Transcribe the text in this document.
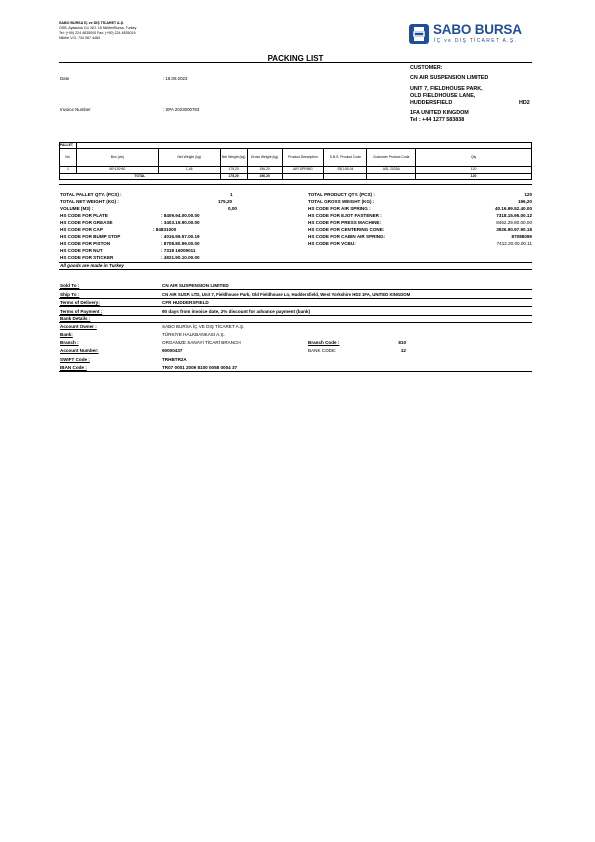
SABO BURSA İÇ ve DIŞ TİCARET A.Ş.
OSB, Ayasuluk Cd. NO: 16 Nilüfer/Bursa, Turkey
Tel: (+90) 224 4835000 Fax: (+90) 224 4835019
Nilüfer V.D. 734 067 4484
SABO BURSA
İÇ ve DIŞ TİCARET A.Ş.
PACKING LIST
CUSTOMER:
CN AIR SUSPENSION LIMITED
UNIT 7, FIELDHOUSE PARK,
OLD FIELDHOUSE LANE,
HUDDERSFIELD	HD2
1FA UNITED KINGDOM
Tel : +44 1277 583838
Date	: 18.09.2023
Invoice Number	: SPA 2023000783
PALLET								
No.	Box (vw)	Net Weight (kg)	Net Weight (kg)	Gross Weight (kg)	Product Description	S.B.S. Product Code	Customer Product Code	Qty
1	80*120*60	1,46	175,20	196,20	AIR SPRING	SB 105-04	ASL 2025A	120
TOTAL			175,20	196,20				120
TOTAL PALLET QTY. (PCS) :	1
TOTAL NET WEIGHT (KG) :	175,20
VOLUME (M3) :	0,00
TOTAL PRODUCT QTY. (PCS) :	120
TOTAL GROSS WEIGHT (KG) :	196,20
HS CODE FOR AIR SPRING :	40.16.99.52.40.00
HS CODE FOR PLATE	: 8409.94.00.00.00
HS CODE FOR GREASE	: 3403.19.90.00.00
HS CODE FOR CAP	: 84831000
HS CODE FOR BUMP STOP	: 4016.99.57.00.19
HS CODE FOR PISTON	: 8708.80.99.00.00
HS CODE FOR NUT	: 7318 16009011
HS CODE FOR STICKER	: 4821.90.10.00.00
HS CODE FOR EJOT FASTENER :	7318.15.95.00.12
HS CODE FOR PRESS MACHINE:	8462.29.80.00.00
HS CODE FOR CENTERING CONE:	3926.90.97.90.18
HS CODE FOR CABIN AIR SPRING:	87088099
HS CODE FOR VCBU:	7412.20.00.00.11
All goods are made in Turkey
Sold To :	CN AIR SUSPENSION LIMITED
Ship To :	CN AIR SUSP. LTD, Unit 7, Fieldhouse Park, Old Fieldhouse Ln, Huddersfield, West Yorkshire HD2 1FA, UNITED KINGDOM
Terms of Delivery:	CFR HUDDERSFIELD
Terms of Payment :	90 days from invoice date, 2% discount for advance payment (bank)
Bank Details :
Account Owner :	SABO BURSA İÇ VE DIŞ TİCARET A.Ş.
Bank:	TÜRKİYE HALKBANKASI A.Ş.
Branch :	ORGANIZE SANAYİ TİCARİ BRANCH	Branch Code :	810
Account Number:	90000437	BANK CODE:	12
SWIFT Code :	TRHBTR2A
IBAN Code :	TR07 0001 2009 8100 0058 0004 37
